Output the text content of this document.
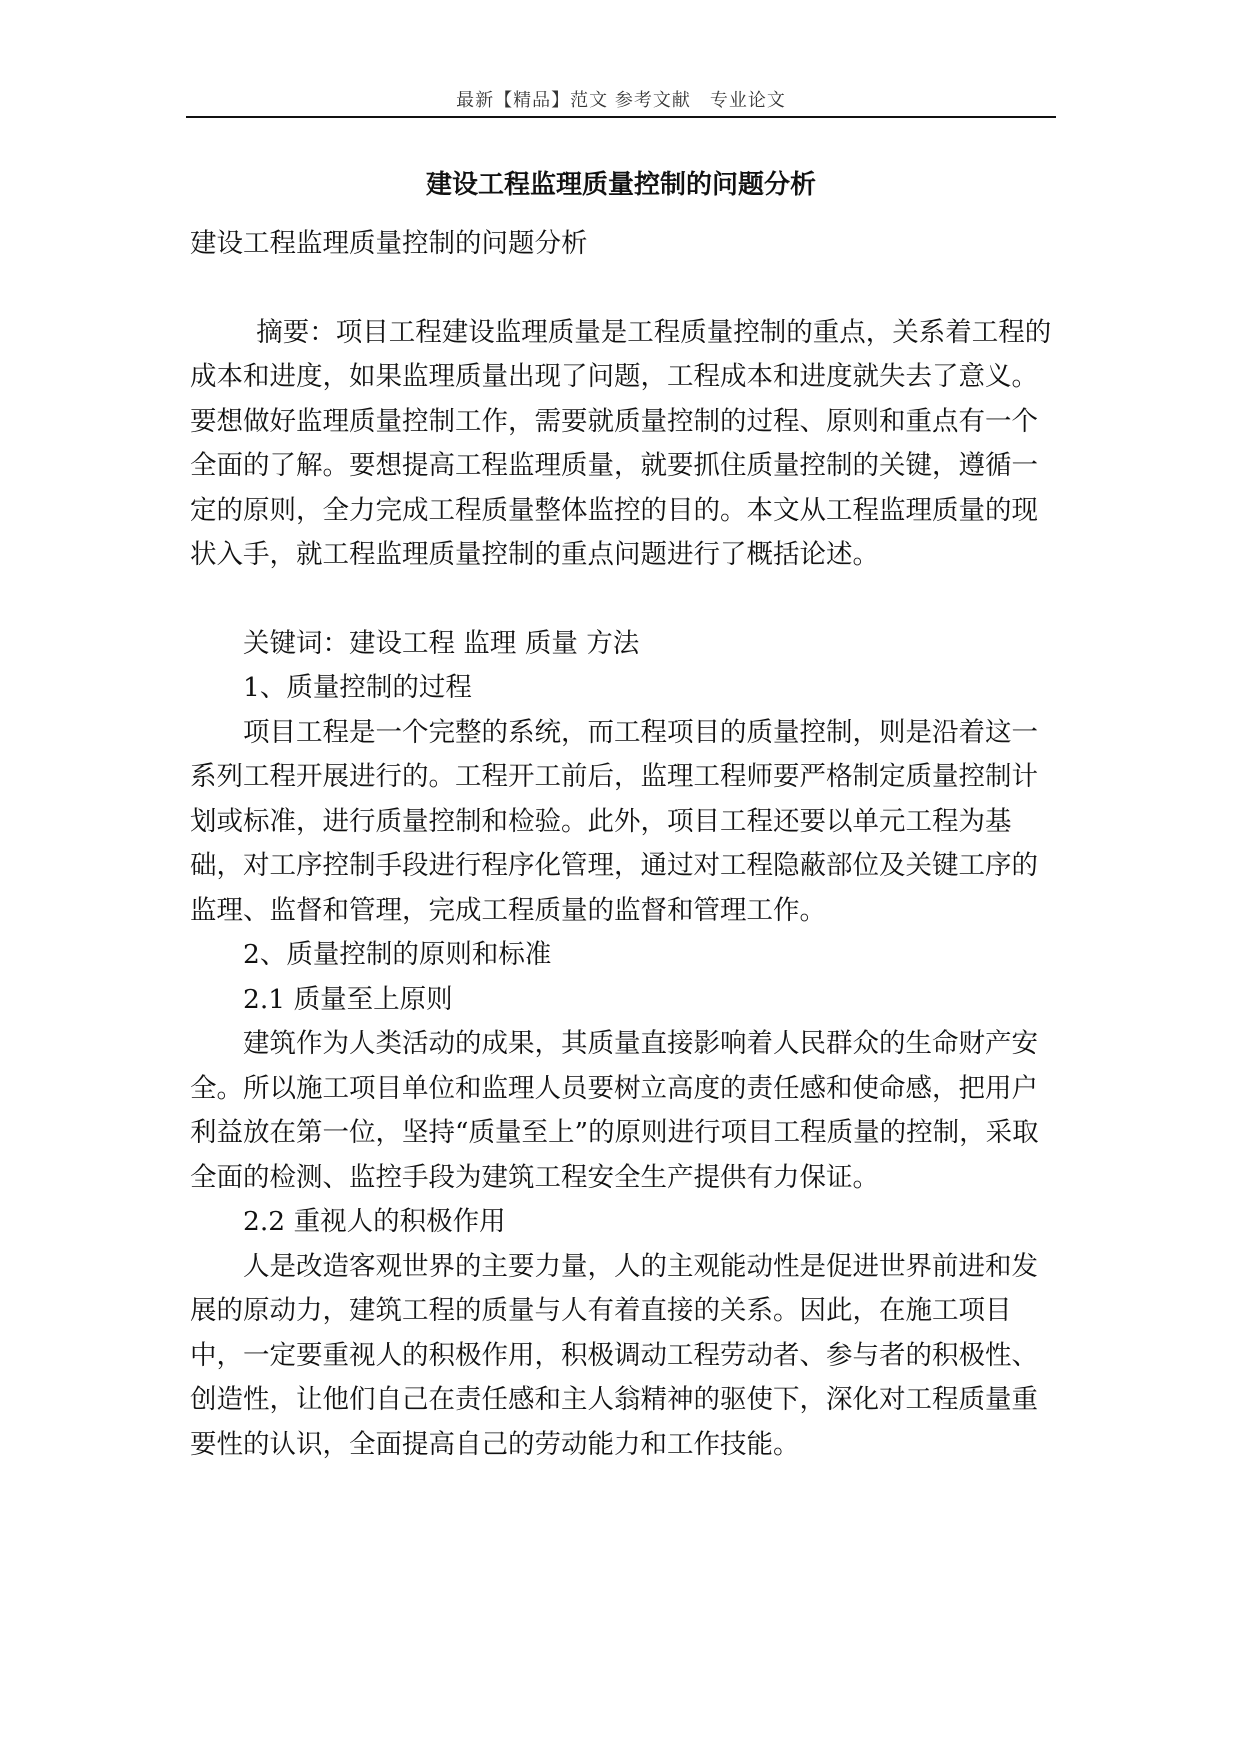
最新【精品】范文 参考文献　专业论文
建设工程监理质量控制的问题分析

建设工程监理质量控制的问题分析

摘要：项目工程建设监理质量是工程质量控制的重点，关系着工程的成本和进度，如果监理质量出现了问题，工程成本和进度就失去了意义。要想做好监理质量控制工作，需要就质量控制的过程、原则和重点有一个全面的了解。要想提高工程监理质量，就要抓住质量控制的关键，遵循一定的原则，全力完成工程质量整体监控的目的。本文从工程监理质量的现状入手，就工程监理质量控制的重点问题进行了概括论述。

关键词：建设工程 监理 质量 方法

1、质量控制的过程

项目工程是一个完整的系统，而工程项目的质量控制，则是沿着这一系列工程开展进行的。工程开工前后，监理工程师要严格制定质量控制计划或标准，进行质量控制和检验。此外，项目工程还要以单元工程为基础，对工序控制手段进行程序化管理，通过对工程隐蔽部位及关键工序的监理、监督和管理，完成工程质量的监督和管理工作。

2、质量控制的原则和标准

2.1 质量至上原则

建筑作为人类活动的成果，其质量直接影响着人民群众的生命财产安全。所以施工项目单位和监理人员要树立高度的责任感和使命感，把用户利益放在第一位，坚持“质量至上”的原则进行项目工程质量的控制，采取全面的检测、监控手段为建筑工程安全生产提供有力保证。

2.2 重视人的积极作用

人是改造客观世界的主要力量，人的主观能动性是促进世界前进和发展的原动力，建筑工程的质量与人有着直接的关系。因此，在施工项目中，一定要重视人的积极作用，积极调动工程劳动者、参与者的积极性、创造性，让他们自己在责任感和主人翁精神的驱使下，深化对工程质量重要性的认识，全面提高自己的劳动能力和工作技能。
